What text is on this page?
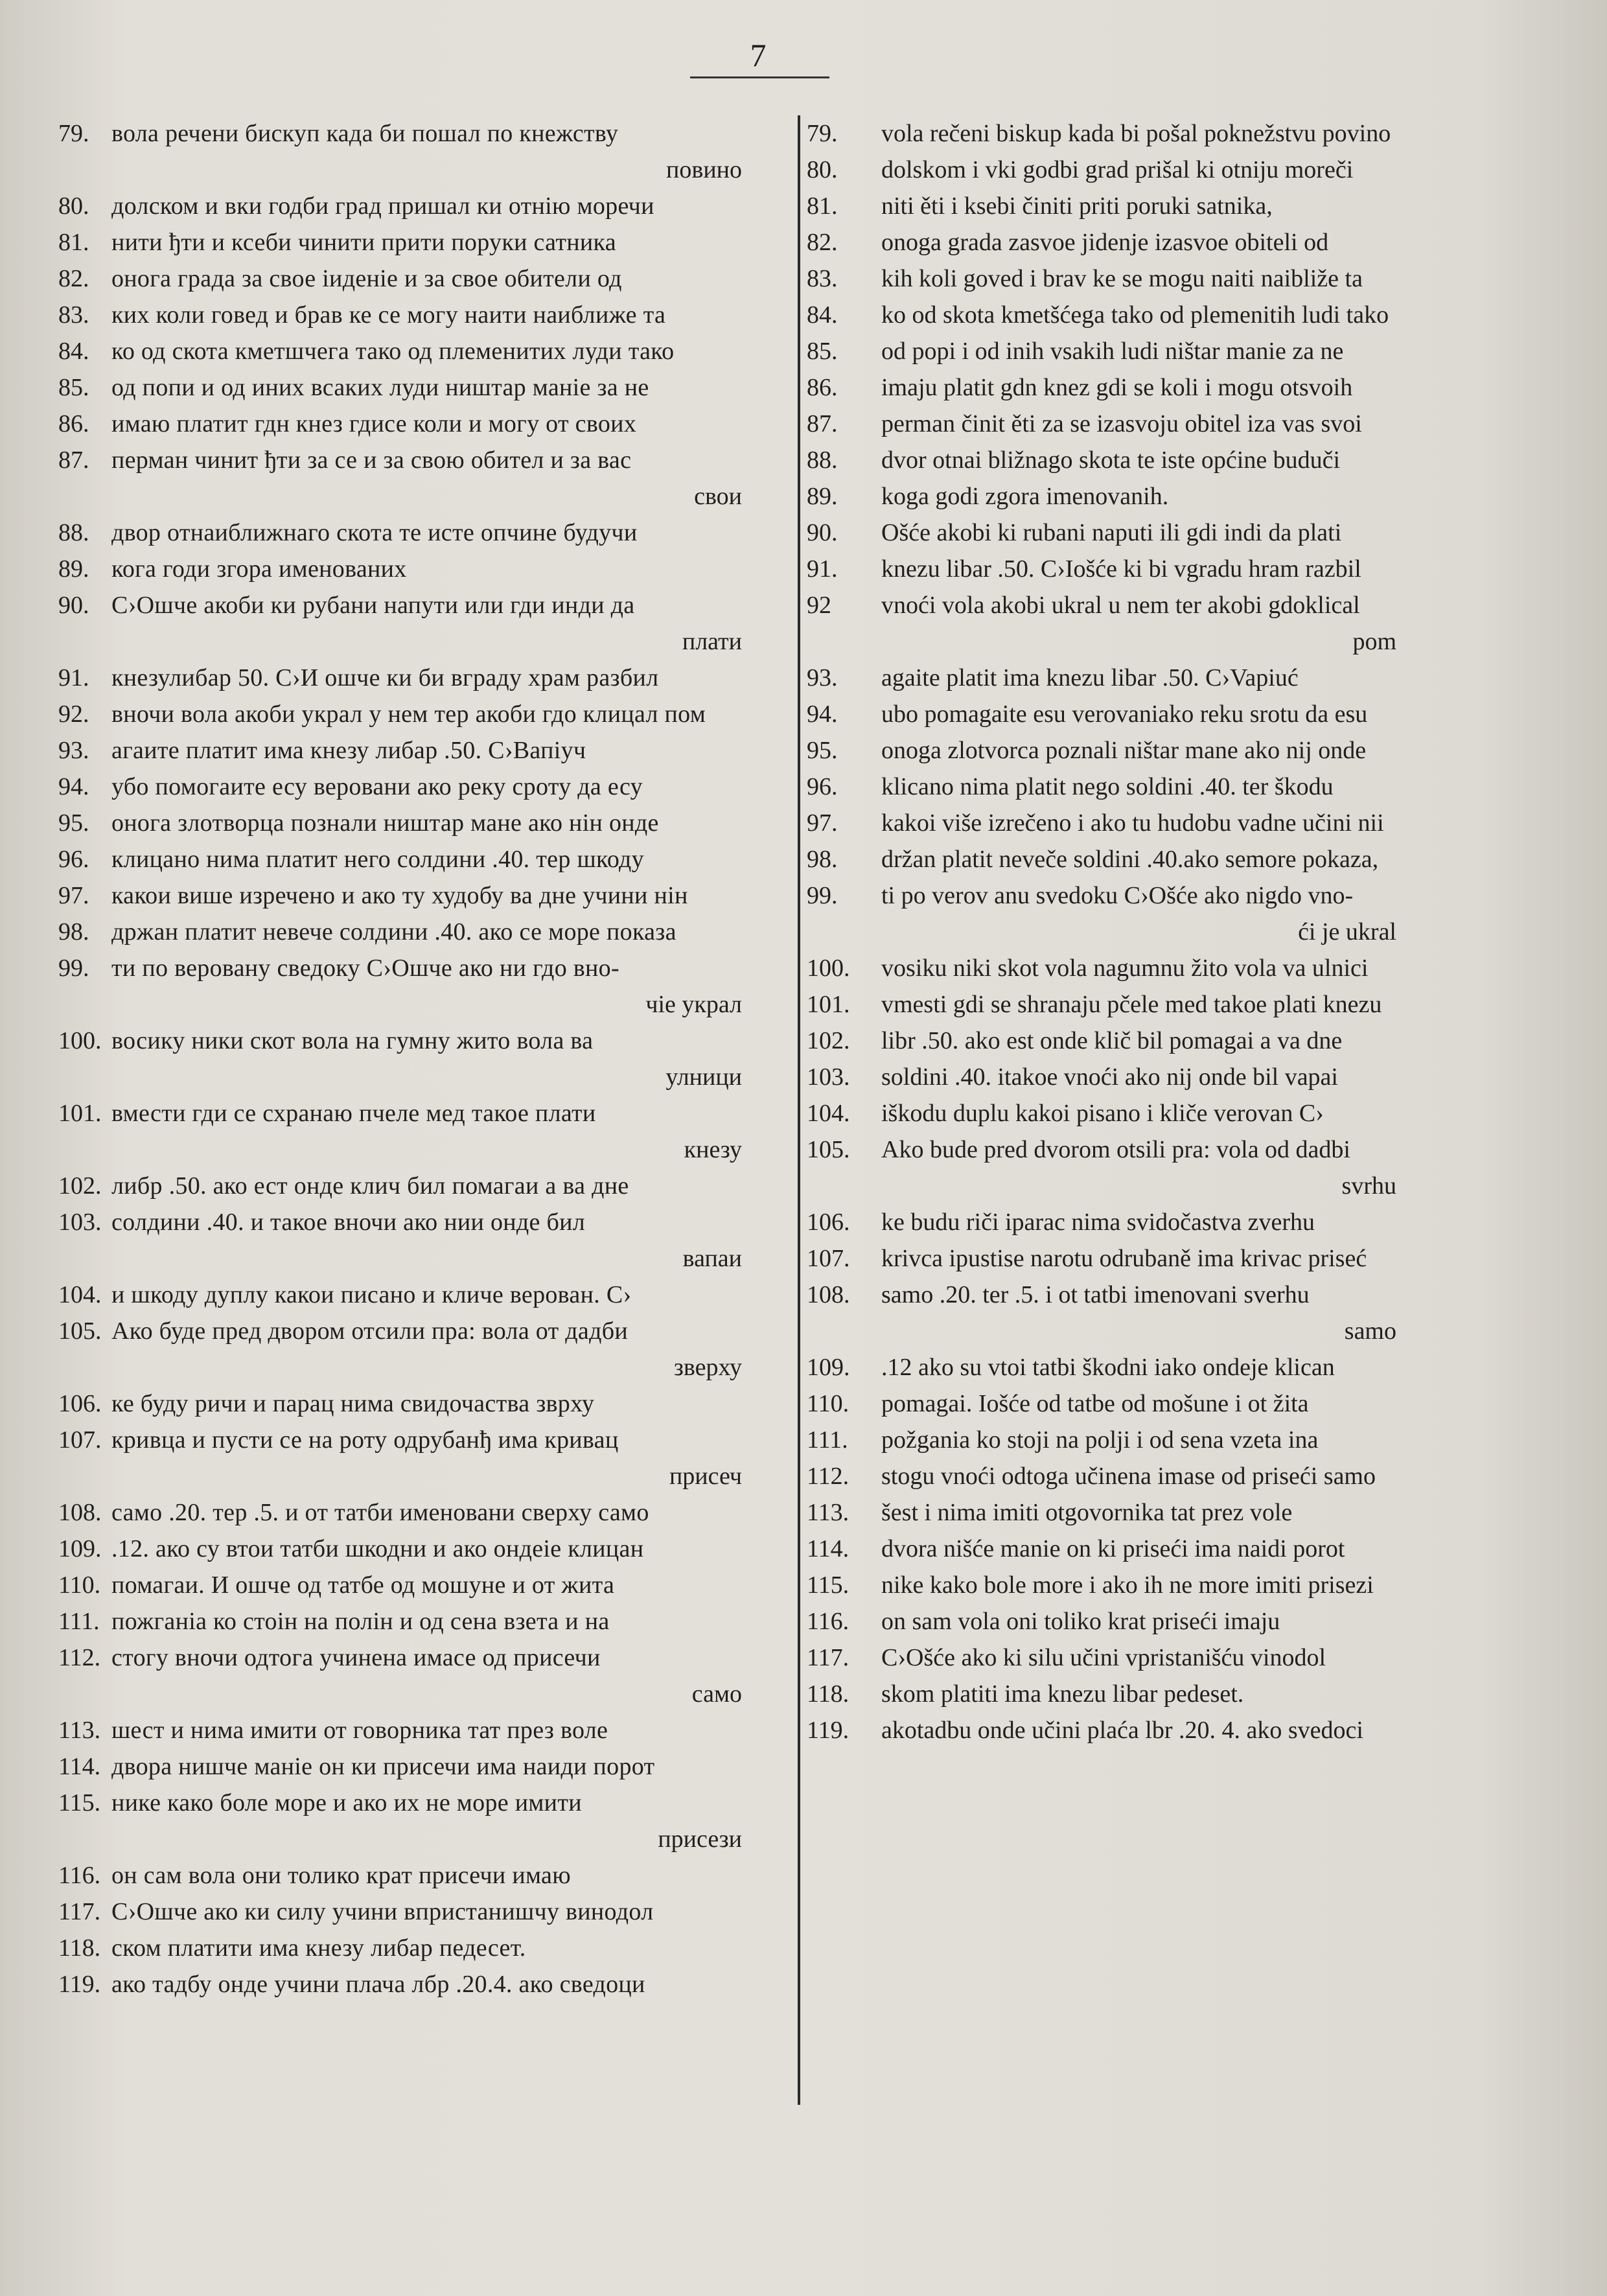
7
79. вола речени бискуп када би пошал по кнежству
повино
80. долском и вки годби град пришал ки отнію моречи
81. нити ђти и ксеби чинити прити поруки сатника
82. онога града за свое іиденіе и за свое обители од
83. ких коли говед и брав ке се могу наити наиближе та
84. ко од скота кметшчега тако од племенитих луди тако
85. од попи и од иних всаких луди ништар маніе за не
86. имаю платит гдн кнез гдисе коли и могу от своих
87. перман чинит ђти за се и за свою обител и за вас
свои
88. двор отнаиближнаго скота те исте опчине будучи
89. кога годи згора именованих
90. С›Ошче акоби ки рубани напути или гди инди да
плати
91. кнезулибар 50. С›И ошче ки би вграду храм разбил
92. вночи вола акоби украл у нем тер акоби гдо клицал пом
93. агаите платит има кнезу либар .50. С›Вапіуч
94. убо помогаите есу веровани ако реку сроту да есу
95. онога злотворца познали ништар мане ако нін онде
96. клицано нима платит него солдини .40. тер шкоду
97. какои више изречено и ако ту худобу ва дне учини нін
98. држан платит невече солдини .40. ако се море показа
99. ти по веровану сведоку С›Ошче ако ни гдо вно-
чіе украл
100. восику ники скот вола на гумну жито вола ва
улници
101. вмести гди се схранаю пчеле мед такое плати
кнезу
102. либр .50. ако ест онде клич бил помагаи а ва дне
103. солдини .40. и такое вночи ако нии онде бил
вапаи
104. и шкоду дуплу какои писано и кличе верован. С›
105. Ако буде пред двором отсили пра: вола от дадби
зверху
106. ке буду ричи и парац нима свидочаства зврху
107. кривца и пусти се на роту одрубанђ има кривац
присеч
108. само .20. тер .5. и от татби именовани сверху само
109. .12. ако су втои татби шкодни и ако ондеіе клицан
110. помагаи. И ошче од татбе од мошуне и от жита
111. пожганіа ко стоін на полін и од сена взета и на
112. стогу вночи одтога учинена имасе од присечи
само
113. шест и нима имити от говорника тат през воле
114. двора нишче маніе он ки присечи има наиди порот
115. нике како боле море и ако их не море имити
присези
116. он сам вола они толико крат присечи имаю
117. С›Ошче ако ки силу учини впристанишчу винодол
118. ском платити има кнезу либар педесет.
119. ако тадбу онде учини плача лбр .20.4. ако сведоци
79. vola rečeni biskup kada bi pošal poknežstvu povino
80. dolskom i vki godbi grad prišal ki otniju moreči
81. niti ěti i ksebi činiti priti poruki satnika,
82. onoga grada zasvoe jidenje izasvoe obiteli od
83. kih koli goved i brav ke se mogu naiti naibliže ta
84. ko od skota kmetšćega tako od plemenitih ludi tako
85. od popi i od inih vsakih ludi ništar manie za ne
86. imaju platit gdn knez gdi se koli i mogu otsvoih
87. perman činit ěti za se izasvoju obitel iza vas svoi
88. dvor otnai bližnago skota te iste općine buduči
89. koga godi zgora imenovanih.
90. Ošće akobi ki rubani naputi ili gdi indi da plati
91. knezu libar .50. C›Iošće ki bi vgradu hram razbil
92 vnoći vola akobi ukral u nem ter akobi gdoklical
pom
93. agaite platit ima knezu libar .50. C›Vapiuć
94. ubo pomagaite esu verovaniako reku srotu da esu
95. onoga zlotvorca poznali ništar mane ako nij onde
96. klicano nima platit nego soldini .40. ter škodu
97. kakoi više izrečeno i ako tu hudobu vadne učini nii
98. držan platit neveče soldini .40.ako semore pokaza,
99. ti po verov anu svedoku C›Ošće ako nigdo vno-
ći je ukral
100. vosiku niki skot vola nagumnu žito vola va ulnici
101. vmesti gdi se shranaju pčele med takoe plati knezu
102. libr .50. ako est onde klič bil pomagai a va dne
103. soldini .40. itakoe vnoći ako nij onde bil vapai
104. iškodu duplu kakoi pisano i kliče verovan C›
105. Ako bude pred dvorom otsili pra: vola od dadbi
svrhu
106. ke budu riči iparac nima svidočastva zverhu
107. krivca ipustise narotu odrubaně ima krivac priseć
108. samo .20. ter .5. i ot tatbi imenovani sverhu
samo
109. .12 ako su vtoi tatbi škodni iako ondeje klican
110. pomagai. Iošće od tatbe od mošune i ot žita
111. požgania ko stoji na polji i od sena vzeta ina
112. stogu vnoći odtoga učinena imase od priseći samo
113. šest i nima imiti otgovornika tat prez vole
114. dvora nišće manie on ki priseći ima naidi porot
115. nike kako bole more i ako ih ne more imiti prisezi
116. on sam vola oni toliko krat priseći imaju
117. C›Ošće ako ki silu učini vpristanišću vinodol
118. skom platiti ima knezu libar pedeset.
119. akotadbu onde učini plaća lbr .20. 4. ako svedoci
